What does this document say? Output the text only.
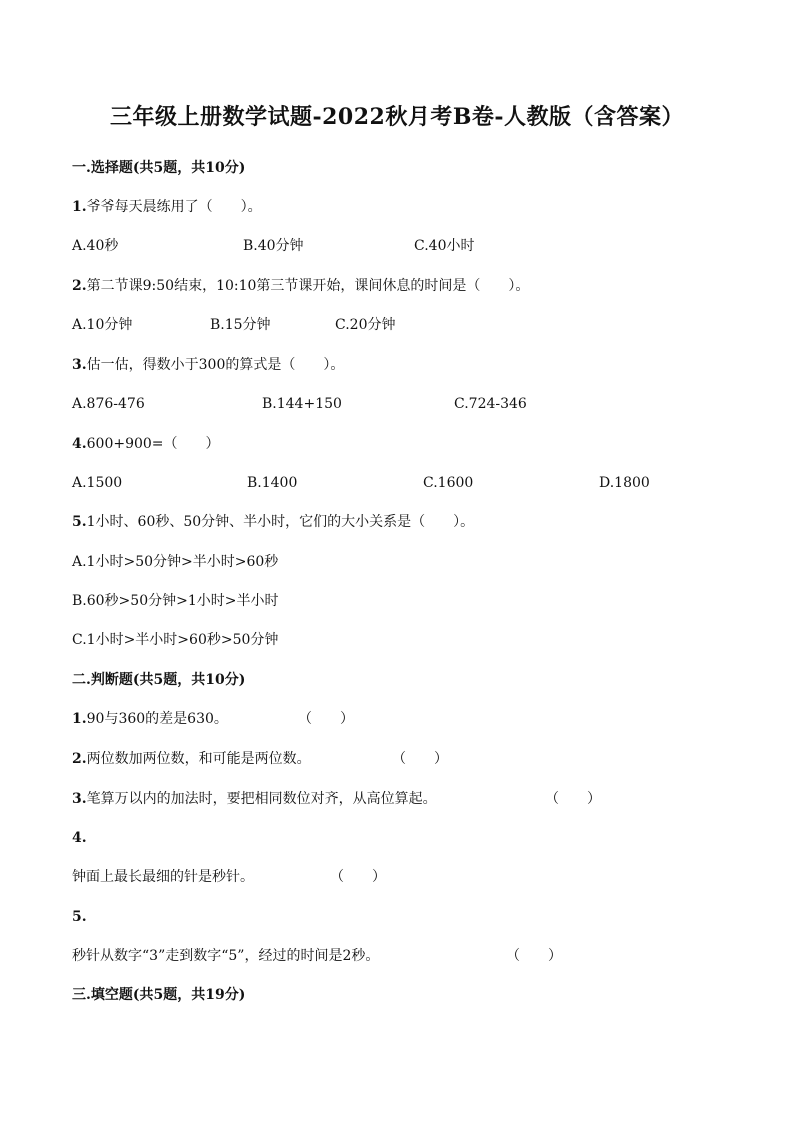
三年级上册数学试题-2022秋月考B卷-人教版（含答案）
一.选择题(共5题，共10分)
1.爷爷每天晨练用了（　　）。
A.40秒	B.40分钟	C.40小时
2.第二节课9:50结束，10:10第三节课开始，课间休息的时间是（　　）。
A.10分钟	B.15分钟	C.20分钟
3.估一估，得数小于300的算式是（　　）。
A.876-476	B.144+150	C.724-346
4.600+900=（　　）
A.1500	B.1400	C.1600	D.1800
5.1小时、60秒、50分钟、半小时，它们的大小关系是（　　）。
A.1小时>50分钟>半小时>60秒
B.60秒>50分钟>1小时>半小时
C.1小时>半小时>60秒>50分钟
二.判断题(共5题，共10分)
1.90与360的差是630。	（　　）
2.两位数加两位数，和可能是两位数。	（　　）
3.笔算万以内的加法时，要把相同数位对齐，从高位算起。	（　　）
4.
钟面上最长最细的针是秒针。	（　　）
5.
秒针从数字“3”走到数字“5”，经过的时间是2秒。	（　　）
三.填空题(共5题，共19分)
